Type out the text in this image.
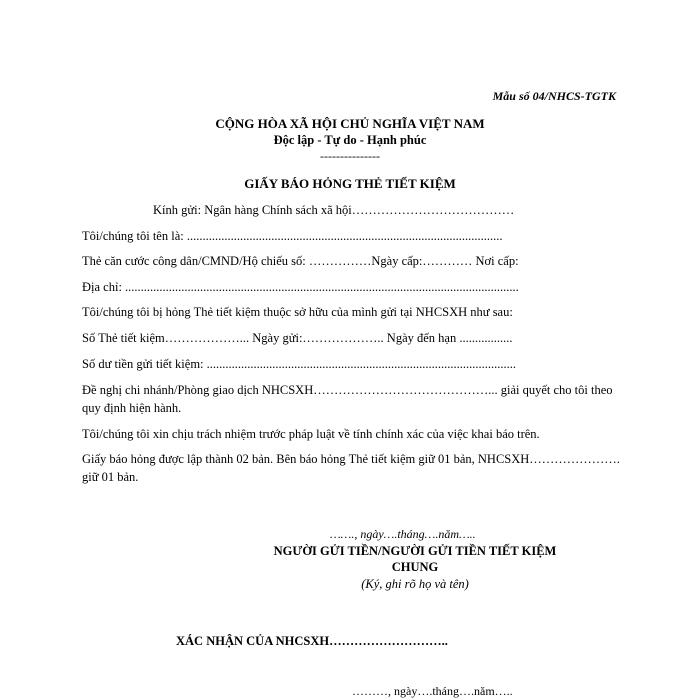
Mẫu số 04/NHCS-TGTK
CỘNG HÒA XÃ HỘI CHỦ NGHĨA VIỆT NAM
Độc lập - Tự do - Hạnh phúc
---------------
GIẤY BÁO HỎNG THẺ TIẾT KIỆM
Kính gửi: Ngân hàng Chính sách xã hội…………………………………
Tôi/chúng tôi tên là: .....................................................................................................
Thẻ căn cước công dân/CMND/Hộ chiếu số: ……………Ngày cấp:………… Nơi cấp:
Địa chỉ: ..............................................................................................................................
Tôi/chúng tôi bị hỏng Thẻ tiết kiệm thuộc sở hữu của mình gửi tại NHCSXH như sau:
Số Thẻ tiết kiệm………………... Ngày gửi:……………….. Ngày đến hạn .................
Số dư tiền gửi tiết kiệm: ...................................................................................................
Đề nghị chi nhánh/Phòng giao dịch NHCSXH……………………………………... giải quyết cho tôi theo quy định hiện hành.
Tôi/chúng tôi xin chịu trách nhiệm trước pháp luật về tính chính xác của việc khai báo trên.
Giấy báo hỏng được lập thành 02 bản. Bên báo hỏng Thẻ tiết kiệm giữ 01 bản, NHCSXH…………………. giữ 01 bản.
……., ngày….tháng….năm…..
NGƯỜI GỬI TIỀN/NGƯỜI GỬI TIỀN TIẾT KIỆM CHUNG
(Ký, ghi rõ họ và tên)
XÁC NHẬN CỦA NHCSXH………………………..
………, ngày….tháng….năm…..
